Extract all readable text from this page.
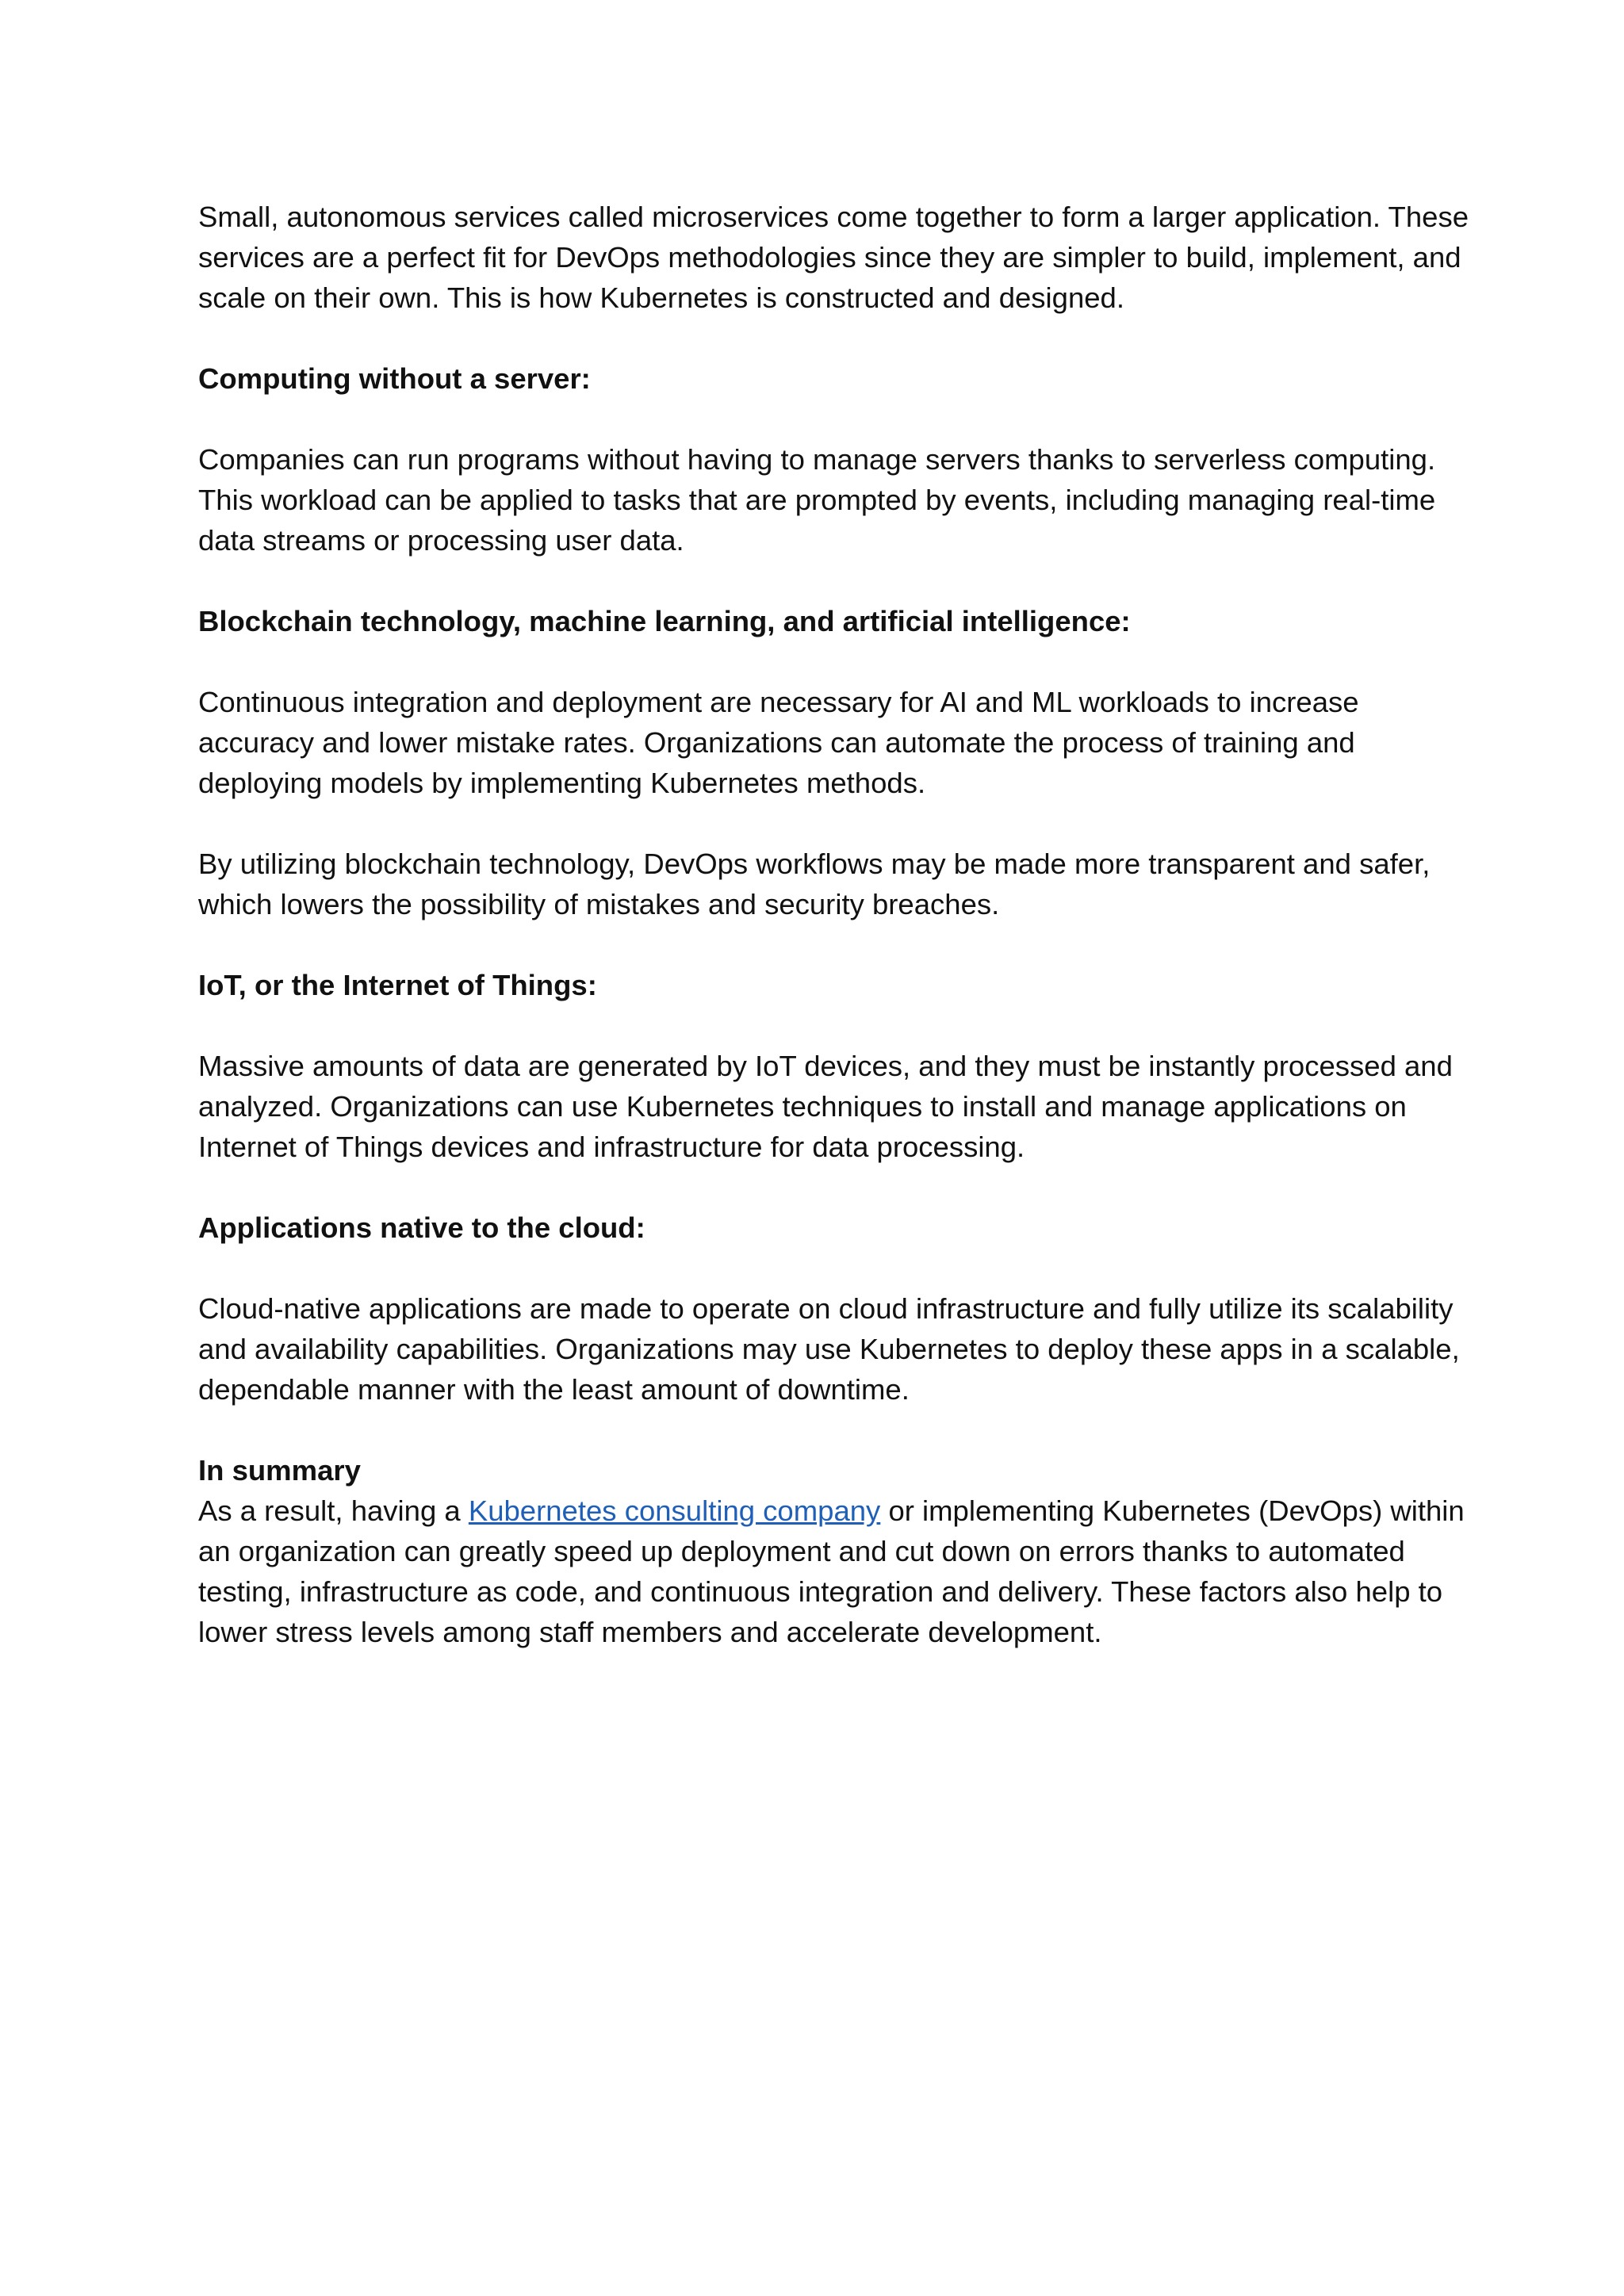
Small, autonomous services called microservices come together to form a larger application. These services are a perfect fit for DevOps methodologies since they are simpler to build, implement, and scale on their own. This is how Kubernetes is constructed and designed.

Computing without a server:

Companies can run programs without having to manage servers thanks to serverless computing. This workload can be applied to tasks that are prompted by events, including managing real-time data streams or processing user data.

Blockchain technology, machine learning, and artificial intelligence:

Continuous integration and deployment are necessary for AI and ML workloads to increase accuracy and lower mistake rates. Organizations can automate the process of training and deploying models by implementing Kubernetes methods.

By utilizing blockchain technology, DevOps workflows may be made more transparent and safer, which lowers the possibility of mistakes and security breaches.

IoT, or the Internet of Things:

Massive amounts of data are generated by IoT devices, and they must be instantly processed and analyzed. Organizations can use Kubernetes techniques to install and manage applications on Internet of Things devices and infrastructure for data processing.

Applications native to the cloud:

Cloud-native applications are made to operate on cloud infrastructure and fully utilize its scalability and availability capabilities. Organizations may use Kubernetes to deploy these apps in a scalable, dependable manner with the least amount of downtime.

In summary

As a result, having a Kubernetes consulting company or implementing Kubernetes (DevOps) within an organization can greatly speed up deployment and cut down on errors thanks to automated testing, infrastructure as code, and continuous integration and delivery. These factors also help to lower stress levels among staff members and accelerate development.
